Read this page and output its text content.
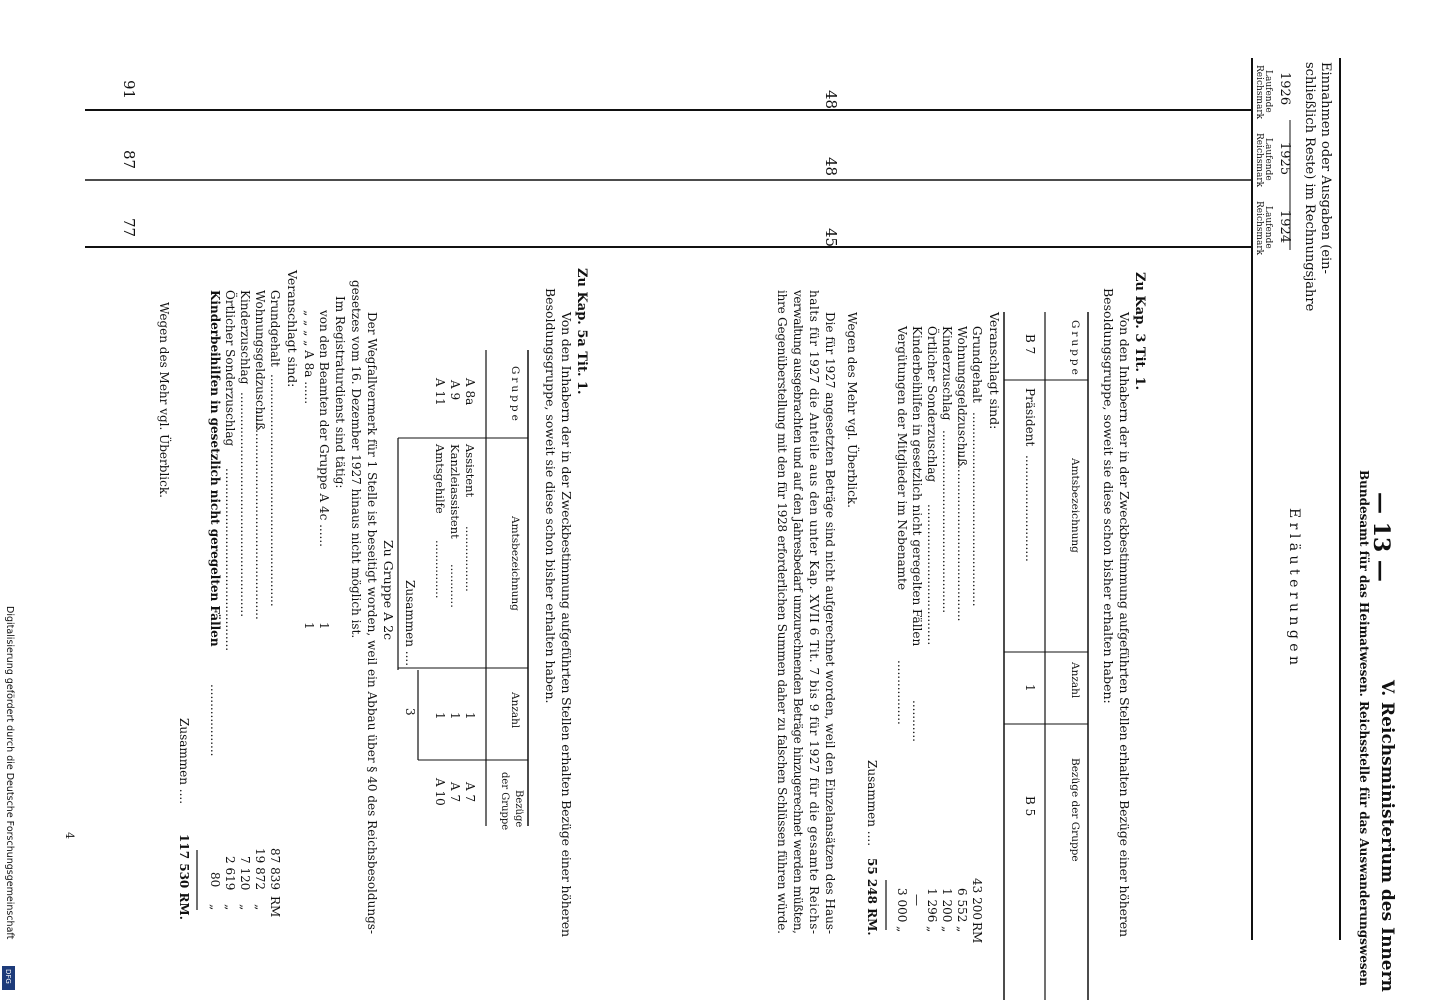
Einnahmen oder Ausgaben (ein-
schließlich Reste) im Rechnungsjahre
1926
1925
1924
Laufende
Reichsmark
Laufende
Reichsmark
Laufende
Reichsmark
48
48
45
91
87
77
— 13 —
V. Reichsministerium des Innern
Bundesamt für das Heimatwesen. Reichsstelle für das Auswanderungswesen
E r l ä u t e r u n g e n
Zu Kap. 3 Tit. 1.
Von den Inhabern der in der Zweckbestimmung aufgeführten Stellen erhalten Bezüge einer höheren
Besoldungsgruppe, soweit sie diese schon bisher erhalten haben:
Gruppe
Amtsbezeichnung
Anzahl
Bezüge der Gruppe
B 7
Präsident
............................
1
B 5
Veranschlagt sind:
Grundgehalt
Wohnungsgeldzuschuß
Kinderzuschlag
Örtlicher Sonderzuschlag
Kinderbeihilfen in gesetzlich nicht geregelten Fällen
Vergütungen der Mitglieder im Nebenamte	...................................................
..............................................
................................................
.....................................
...........
.................
43 200
6 552
1 200
1 296
—
3 000
RM
„
„
„
„
Zusammen ....
55 248 RM.
Wegen des Mehr vgl. Überblick.
Die für 1927 angesetzten Beträge sind nicht aufgerechnet worden, weil den Einzelansätzen des Haus-
halts für 1927 die Anteile aus den unter Kap. XVII 6 Tit. 7 bis 9 für 1927 für die gesamte Reichs-
verwaltung ausgebrachten und auf den Jahresbedarf umzurechnenden Beträge hinzugerechnet werden müßten,
ihre Gegenüberstellung mit den für 1928 erforderlichen Summen daher zu falschen Schlüssen führen würde.
Zu Kap. 5a Tit. 1.
Von den Inhabern der in der Zweckbestimmung aufgeführten Stellen erhalten Bezüge einer höheren
Besoldungsgruppe, soweit sie diese schon bisher erhalten haben.
Gruppe
Amtsbezeichnung
Anzahl
Bezüge
der Gruppe
A 8a
A 9
A 11
Assistent
Kanzleiassistent
Amtsgehilfe
..................
............
................
1
1
1
A 7
A 7
A 10
Zusammen ....
3
Zu Gruppe A 2c
Der Wegfallvermerk für 1 Stelle ist beseitigt worden, weil ein Abbau über § 40 des Reichsbesoldungs-
gesetzes vom 16. Dezember 1927 hinaus nicht möglich ist.
Im Registraturdienst sind tätig:
von den Beamten der Gruppe A 4c ......
1
„ „ „ „ A 8a ......
1
Veranschlagt sind:
Grundgehalt
Wohnungsgeldzuschuß
Kinderzuschlag
Örtlicher Sonderzuschlag
Kinderbeihilfen in gesetzlich nicht geregelten Fällen	.............................................................
.......................................................
...........................................................
................................................
...................
87 839
19 872
7 120
2 619
80
RM
„
„
„
„
Zusammen ....
117 530 RM.
Wegen des Mehr vgl. Überblick.
4
Digitalisierung gefördert durch die Deutsche Forschungsgemeinschaft
DFG
